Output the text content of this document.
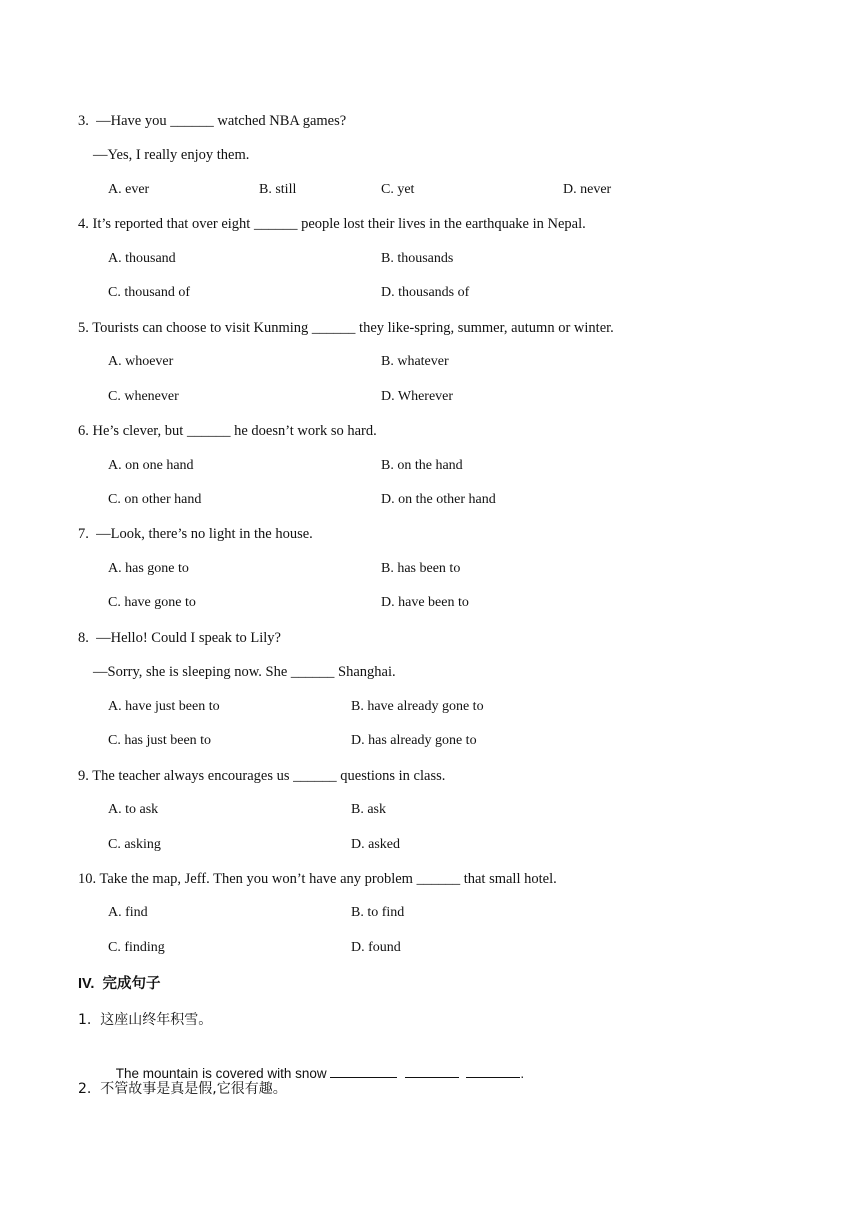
3.  —Have you ______ watched NBA games?
—Yes, I really enjoy them.
A. ever	B. still	C. yet	D. never
4. It’s reported that over eight ______ people lost their lives in the earthquake in Nepal.
A. thousand	B. thousands
C. thousand of	D. thousands of
5. Tourists can choose to visit Kunming ______ they like-spring, summer, autumn or winter.
A. whoever	B. whatever
C. whenever	D. Wherever
6. He’s clever, but ______ he doesn’t work so hard.
A. on one hand	B. on the hand
C. on other hand	D. on the other hand
7.  —Look, there’s no light in the house.
A. has gone to	B. has been to
C. have gone to	D. have been to
8.  —Hello! Could I speak to Lily?
—Sorry, she is sleeping now. She ______ Shanghai.
A. have just been to	B. have already gone to
C. has just been to	D. has already gone to
9. The teacher always encourages us ______ questions in class.
A. to ask	B. ask
C. asking	D. asked
10. Take the map, Jeff. Then you won’t have any problem ______ that small hotel.
A. find	B. to find
C. finding	D. found
IV.  完成句子
1.  这座山终年积雪。

The mountain is covered with snow	.

2.  不管故事是真是假,它很有趣。
